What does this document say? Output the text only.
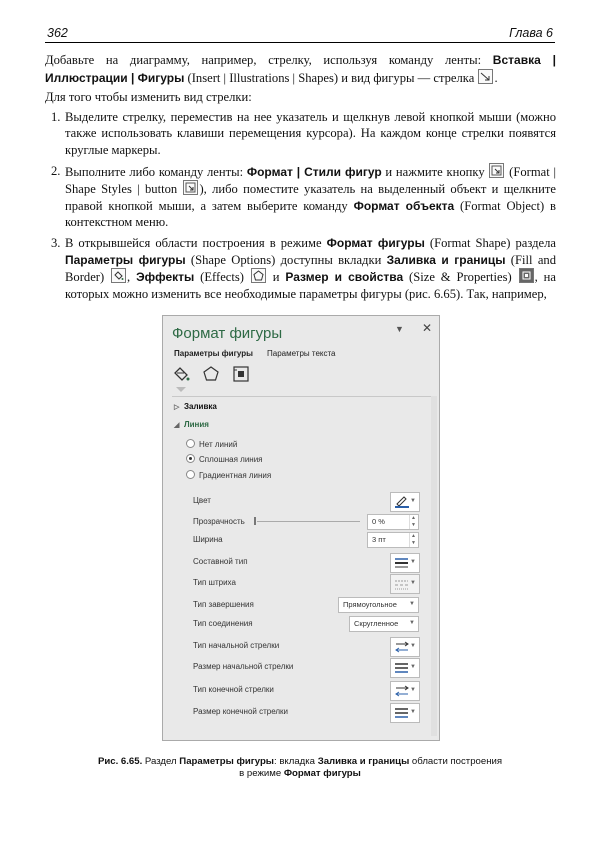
362	Глава 6

Добавьте на диаграмму, например, стрелку, используя команду ленты: Вставка | Иллюстрации | Фигуры (Insert | Illustrations | Shapes) и вид фигуры — стрелка
.

Для того чтобы изменить вид стрелки:

1. Выделите стрелку, переместив на нее указатель и щелкнув левой кнопкой мыши (можно также использовать клавиши перемещения курсора). На каждом конце стрелки появятся круглые маркеры.
2. Выполните либо команду ленты: Формат | Стили фигур и нажмите кнопку
(Format | Shape Styles | button
), либо поместите указатель на выделенный объект и щелкните правой кнопкой мыши, а затем выберите команду Формат объекта (Format Object) в контекстном меню.
3. В открывшейся области построения в режиме Формат фигуры (Format Shape) раздела Параметры фигуры (Shape Options) доступны вкладки Заливка и границы (Fill and Border)
, Эффекты (Effects)
и Размер и свойства (Size & Properties)
, на которых можно изменить все необходимые параметры фигуры (рис. 6.65). Так, например,
Формат фигуры	▼ ✕
Параметры фигуры Параметры текста
▷ Заливка
◢ Линия
Нет линий
Сплошная линия
Градиентная линия
Цвет	▼
Прозрачность	0 %	▲
▼
Ширина	3 пт	▲
▼
Составной тип	▼
Тип штриха	▼
Тип завершения	Прямоугольное ▼
Тип соединения	Скругленное ▼
Тип начальной стрелки	▼
Размер начальной стрелки	▼
Тип конечной стрелки	▼
Размер конечной стрелки	▼
Рис. 6.65. Раздел Параметры фигуры: вкладка Заливка и границы области построения
в режиме Формат фигуры
